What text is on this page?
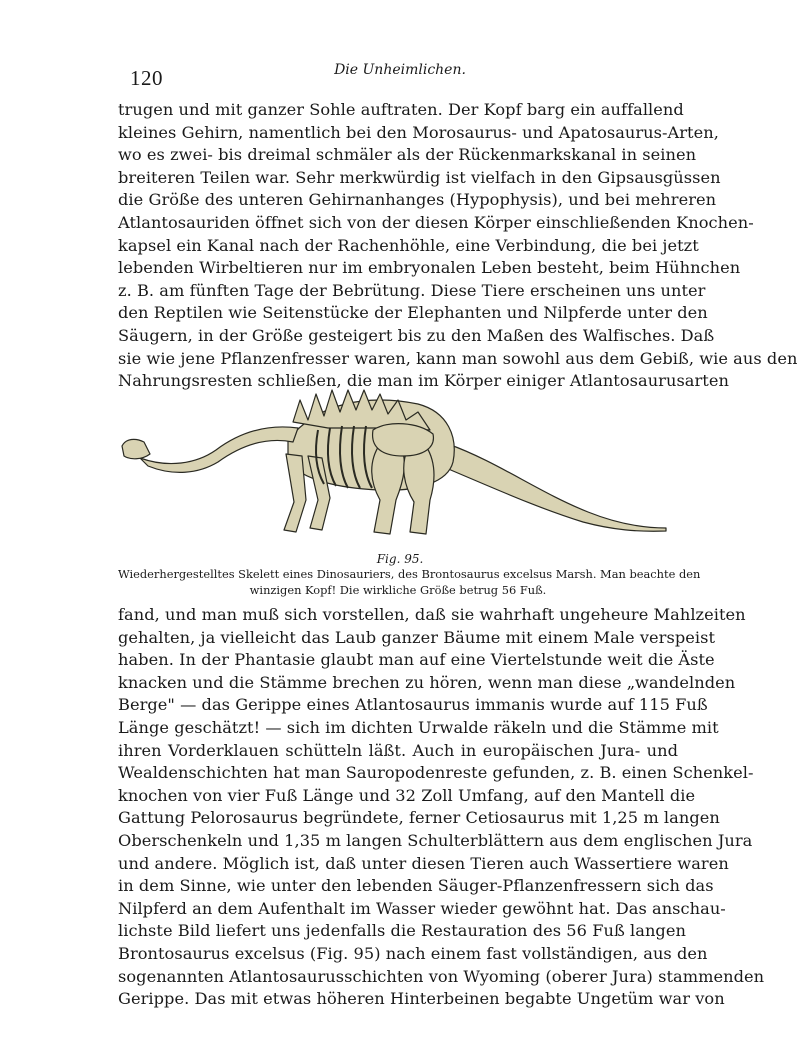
120	Die Unheimlichen.
trugen und mit ganzer Sohle auftraten. Der Kopf barg ein auffallend
kleines Gehirn, namentlich bei den Morosaurus- und Apatosaurus-Arten,
wo es zwei- bis dreimal schmäler als der Rückenmarkskanal in seinen
breiteren Teilen war. Sehr merkwürdig ist vielfach in den Gipsausgüssen
die Größe des unteren Gehirnanhanges (Hypophysis), und bei mehreren
Atlantosauriden öffnet sich von der diesen Körper einschließenden Knochen-
kapsel ein Kanal nach der Rachenhöhle, eine Verbindung, die bei jetzt
lebenden Wirbeltieren nur im embryonalen Leben besteht, beim Hühnchen
z. B. am fünften Tage der Bebrütung. Diese Tiere erscheinen uns unter
den Reptilen wie Seitenstücke der Elephanten und Nilpferde unter den
Säugern, in der Größe gesteigert bis zu den Maßen des Walfisches. Daß
sie wie jene Pflanzenfresser waren, kann man sowohl aus dem Gebiß, wie aus den
Nahrungsresten schließen, die man im Körper einiger Atlantosaurusarten
Fig. 95.
Wiederhergestelltes Skelett eines Dinosauriers, des Brontosaurus excelsus Marsh. Man beachte den
winzigen Kopf! Die wirkliche Größe betrug 56 Fuß.
fand, und man muß sich vorstellen, daß sie wahrhaft ungeheure Mahlzeiten
gehalten, ja vielleicht das Laub ganzer Bäume mit einem Male verspeist
haben. In der Phantasie glaubt man auf eine Viertelstunde weit die Äste
knacken und die Stämme brechen zu hören, wenn man diese „wandelnden
Berge" — das Gerippe eines Atlantosaurus immanis wurde auf 115 Fuß
Länge geschätzt! — sich im dichten Urwalde räkeln und die Stämme mit
ihren Vorderklauen schütteln läßt. Auch in europäischen Jura- und
Wealdenschichten hat man Sauropodenreste gefunden, z. B. einen Schenkel-
knochen von vier Fuß Länge und 32 Zoll Umfang, auf den Mantell die
Gattung Pelorosaurus begründete, ferner Cetiosaurus mit 1,25 m langen
Oberschenkeln und 1,35 m langen Schulterblättern aus dem englischen Jura
und andere. Möglich ist, daß unter diesen Tieren auch Wassertiere waren
in dem Sinne, wie unter den lebenden Säuger-Pflanzenfressern sich das
Nilpferd an dem Aufenthalt im Wasser wieder gewöhnt hat. Das anschau-
lichste Bild liefert uns jedenfalls die Restauration des 56 Fuß langen
Brontosaurus excelsus (Fig. 95) nach einem fast vollständigen, aus den
sogenannten Atlantosaurusschichten von Wyoming (oberer Jura) stammenden
Gerippe. Das mit etwas höheren Hinterbeinen begabte Ungetüm war von
